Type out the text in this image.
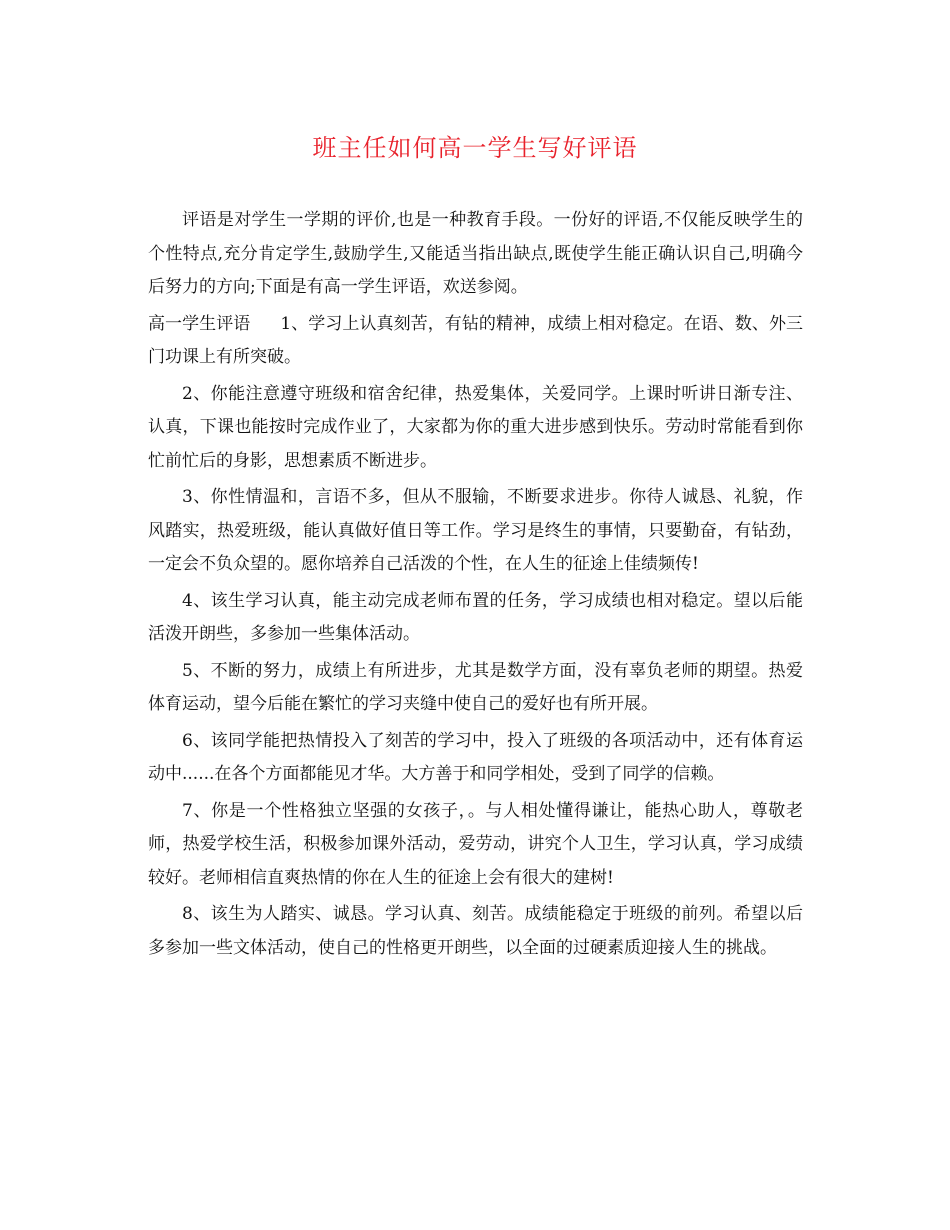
班主任如何高一学生写好评语

评语是对学生一学期的评价,也是一种教育手段。一份好的评语,不仅能反映学生的个性特点,充分肯定学生,鼓励学生,又能适当指出缺点,既使学生能正确认识自己,明确今后努力的方向;下面是有高一学生评语，欢送参阅。

高一学生评语 1、学习上认真刻苦，有钻的精神，成绩上相对稳定。在语、数、外三门功课上有所突破。

2、你能注意遵守班级和宿舍纪律，热爱集体，关爱同学。上课时听讲日渐专注、认真，下课也能按时完成作业了，大家都为你的重大进步感到快乐。劳动时常能看到你忙前忙后的身影，思想素质不断进步。

3、你性情温和，言语不多，但从不服输，不断要求进步。你待人诚恳、礼貌，作风踏实，热爱班级，能认真做好值日等工作。学习是终生的事情，只要勤奋，有钻劲，一定会不负众望的。愿你培养自己活泼的个性，在人生的征途上佳绩频传!

4、该生学习认真，能主动完成老师布置的任务，学习成绩也相对稳定。望以后能活泼开朗些，多参加一些集体活动。

5、不断的努力，成绩上有所进步，尤其是数学方面，没有辜负老师的期望。热爱体育运动，望今后能在繁忙的学习夹缝中使自己的爱好也有所开展。

6、该同学能把热情投入了刻苦的学习中，投入了班级的各项活动中，还有体育运动中......在各个方面都能见才华。大方善于和同学相处，受到了同学的信赖。

7、你是一个性格独立坚强的女孩子，。与人相处懂得谦让，能热心助人，尊敬老师，热爱学校生活，积极参加课外活动，爱劳动，讲究个人卫生，学习认真，学习成绩较好。老师相信直爽热情的你在人生的征途上会有很大的建树!

8、该生为人踏实、诚恳。学习认真、刻苦。成绩能稳定于班级的前列。希望以后多参加一些文体活动，使自己的性格更开朗些，以全面的过硬素质迎接人生的挑战。
